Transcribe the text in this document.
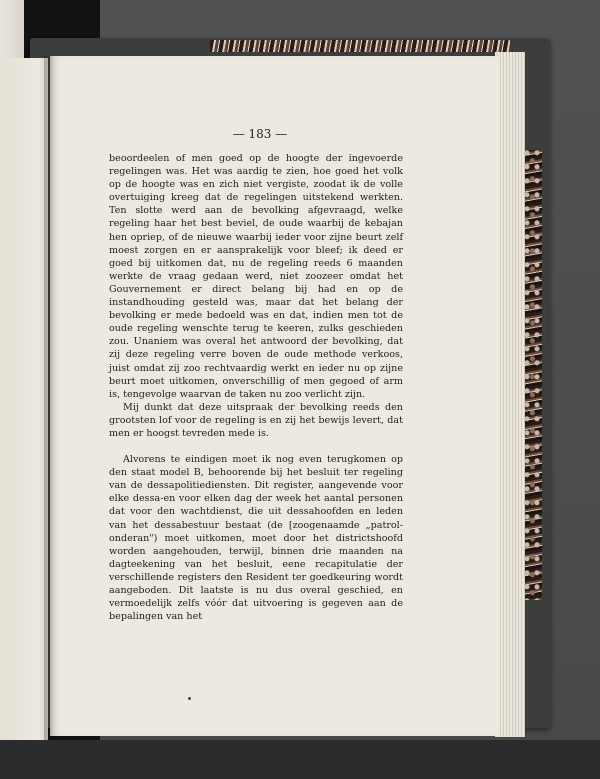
— 183 —

beoordeelen of men goed op de hoogte der ingevoerde regelingen was. Het was aardig te zien, hoe goed het volk op de hoogte was en zich niet vergiste, zoodat ik de volle overtuiging kreeg dat de regelingen uitstekend werkten. Ten slotte werd aan de bevolking afgevraagd, welke regeling haar het best beviel, de oude waarbij de kebajan hen opriep, of de nieuwe waarbij ieder voor zijne beurt zelf moest zorgen en er aansprakelijk voor bleef; ik deed er goed bij uitkomen dat, nu de regeling reeds 6 maanden werkte de vraag gedaan werd, niet zoozeer omdat het Gouvernement er direct belang bij had en op de instandhouding gesteld was, maar dat het belang der bevolking er mede bedoeld was en dat, indien men tot de oude regeling wenschte terug te keeren, zulks geschieden zou. Unaniem was overal het antwoord der bevolking, dat zij deze regeling verre boven de oude methode verkoos, juist omdat zij zoo rechtvaardig werkt en ieder nu op zijne beurt moet uitkomen, onverschillig of men gegoed of arm is, tengevolge waarvan de taken nu zoo verlicht zijn.

Mij dunkt dat deze uitspraak der bevolking reeds den grootsten lof voor de regeling is en zij het bewijs levert, dat men er hoogst tevreden mede is.

Alvorens te eindigen moet ik nog even terugkomen op den staat model B, behoorende bij het besluit ter regeling van de dessapolitiediensten. Dit register, aangevende voor elke dessa-en voor elken dag der week het aantal personen dat voor den wachtdienst, die uit dessahoofden en leden van het dessabestuur bestaat (de [zoogenaamde „patrol-onderan") moet uitkomen, moet door het districtshoofd worden aangehouden, terwijl, binnen drie maanden na dagteekening van het besluit, eene recapitulatie der verschillende registers den Resident ter goedkeuring wordt aangeboden. Dit laatste is nu dus overal geschied, en vermoedelijk zelfs vóór dat uitvoering is gegeven aan de bepalingen van het
